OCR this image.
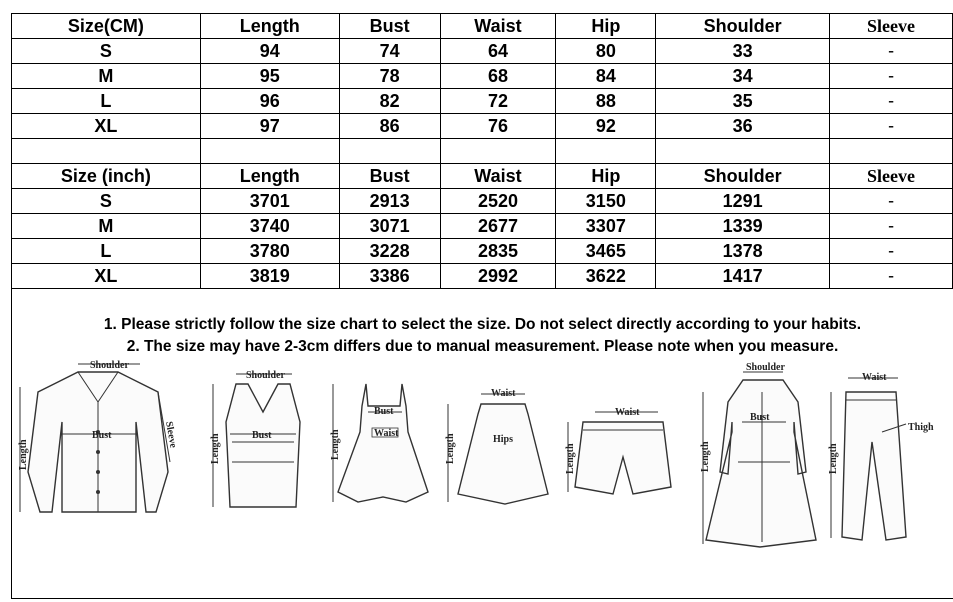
Size(CM)	Length	Bust	Waist	Hip	Shoulder	Sleeve
S	94	74	64	80	33	-
M	95	78	68	84	34	-
L	96	82	72	88	35	-
XL	97	86	76	92	36	-

Size (inch)	Length	Bust	Waist	Hip	Shoulder	Sleeve
S	3701	2913	2520	3150	1291	-
M	3740	3071	2677	3307	1339	-
L	3780	3228	2835	3465	1378	-
XL	3819	3386	2992	3622	1417	-
1. Please strictly follow the size chart to select the size. Do not select directly according to your habits.
2. The size may have 2-3cm differs due to manual measurement. Please note when you measure.
Shoulder
Bust
Length
Sleeve
Shoulder
Bust
Length
Bust
Waist
Length
Waist
Hips
Length
Waist
Length
Shoulder
Bust
Length
Waist
Thigh
Length
